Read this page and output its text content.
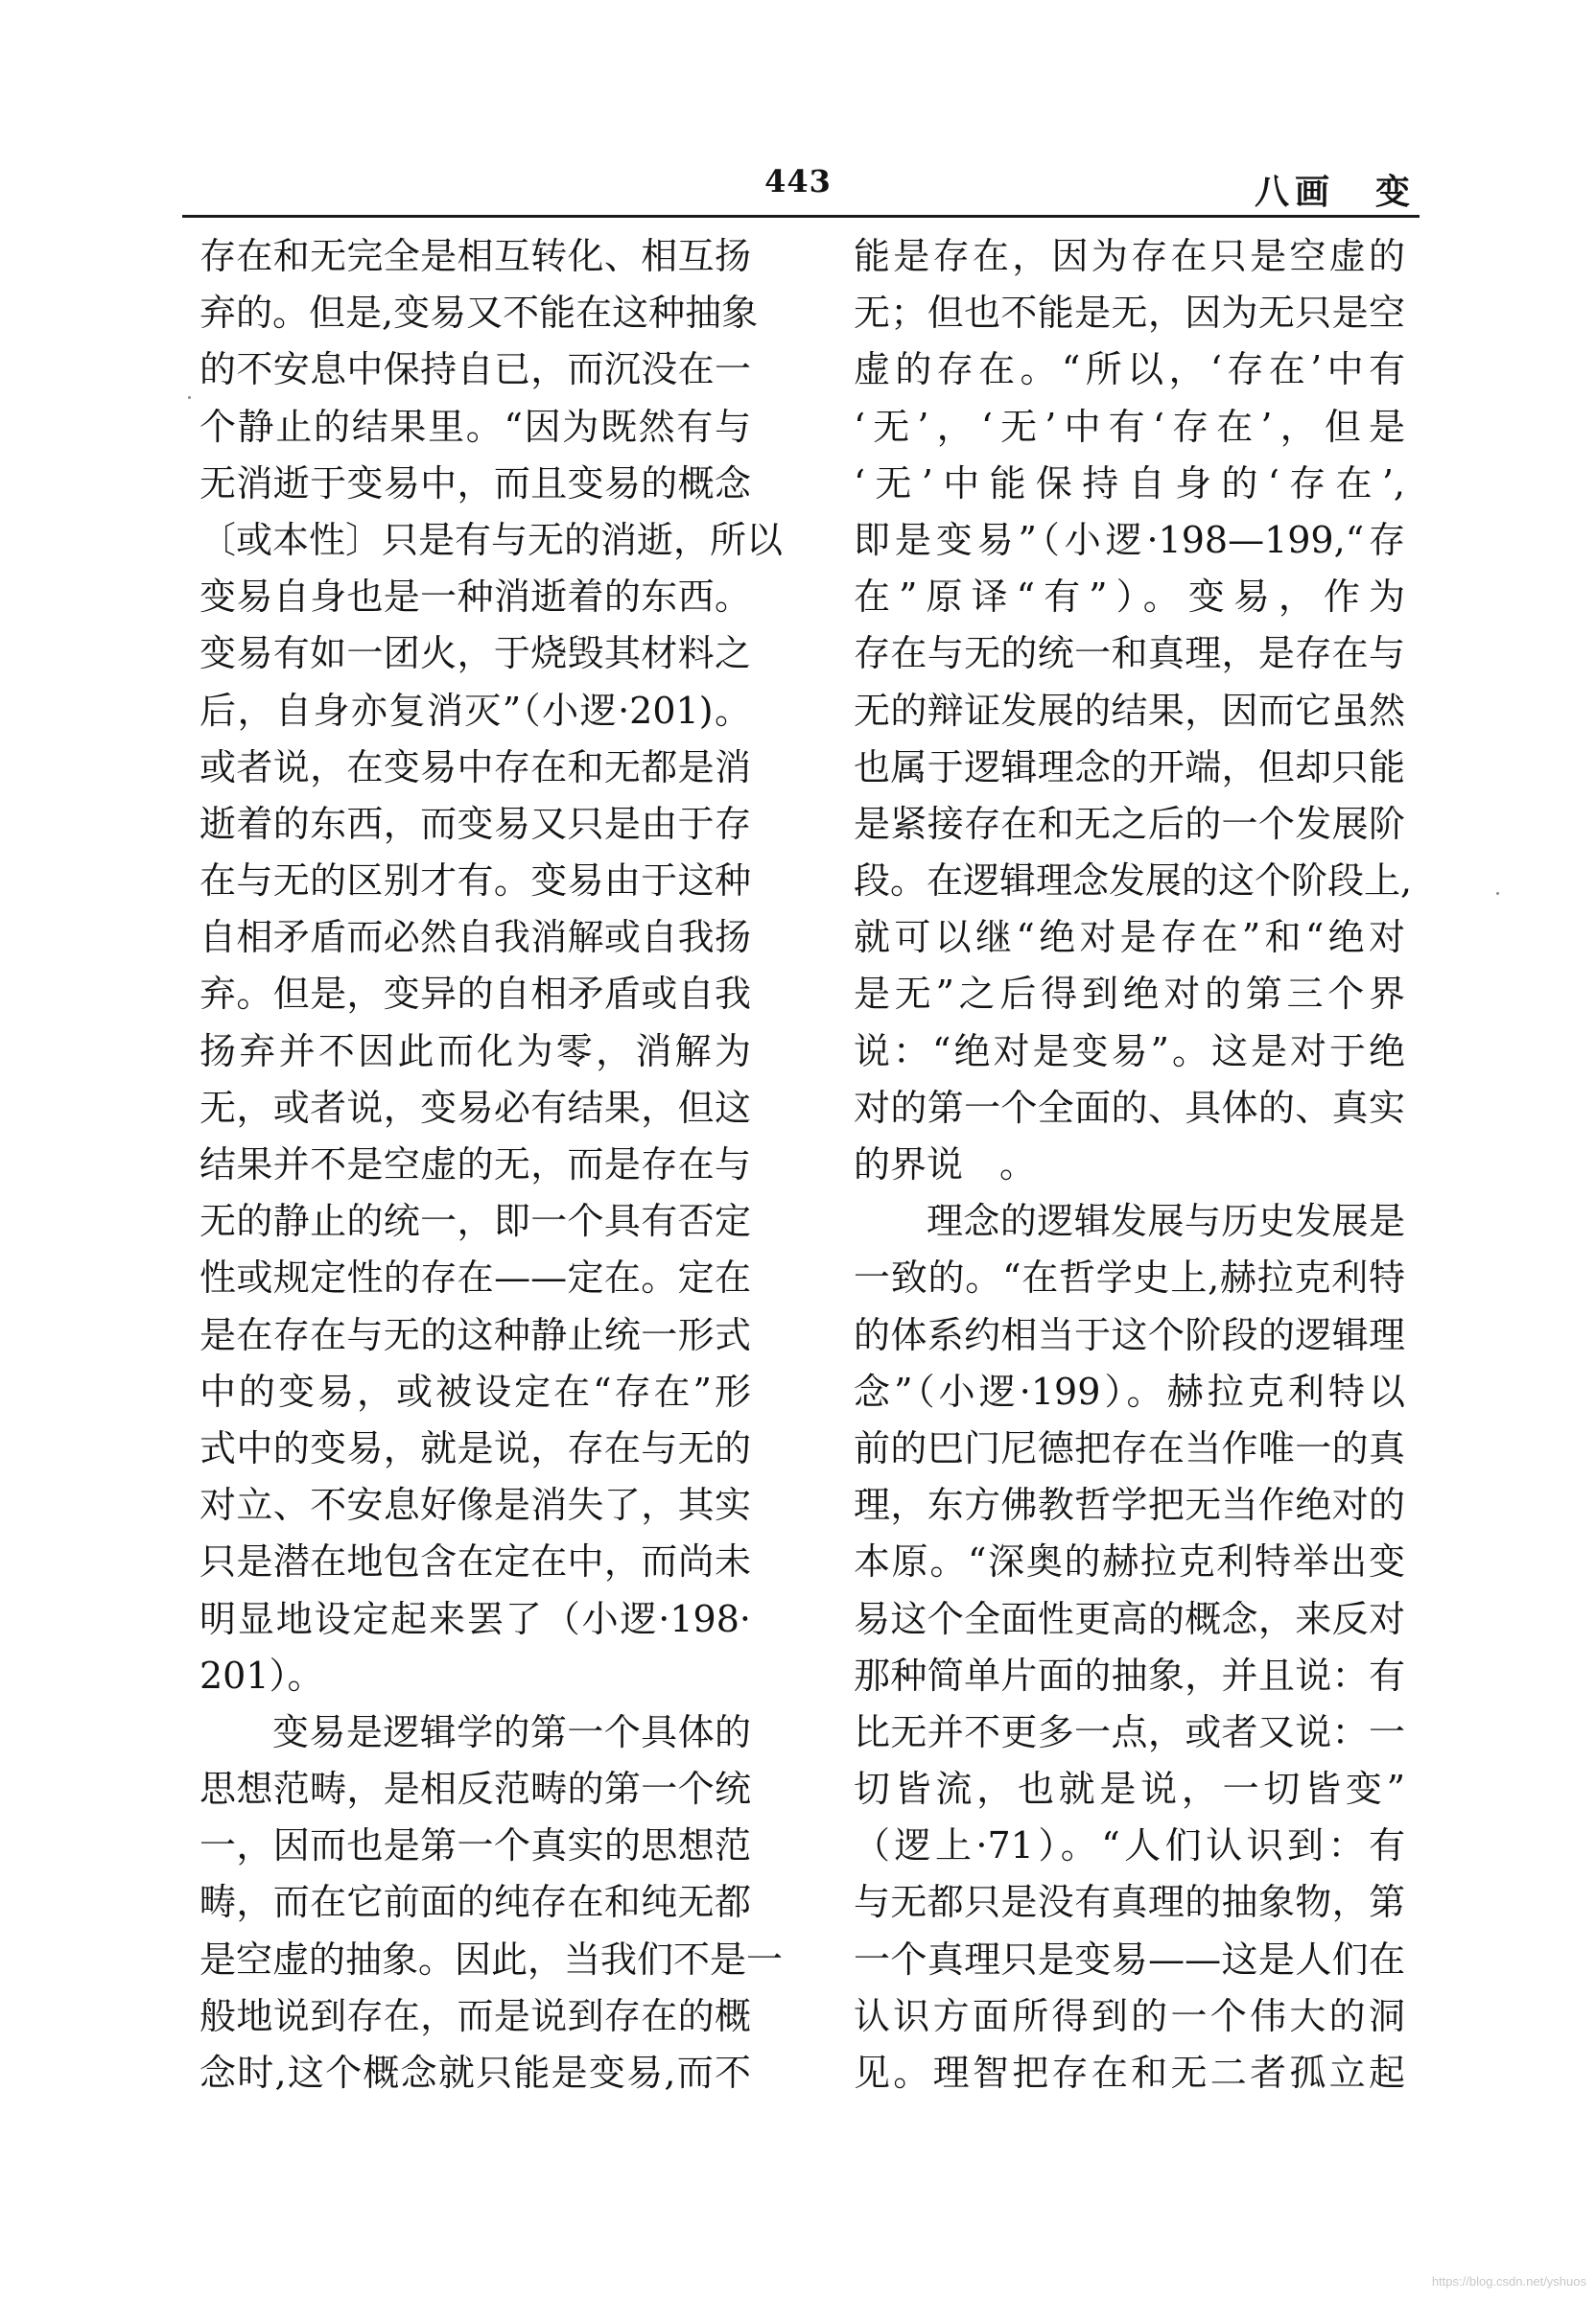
443	八画　变
存在和无完全是相互转化、相互扬
弃的。但是,变易又不能在这种抽象
的不安息中保持自已，而沉没在一
个静止的结果里。“因为既然有与
无消逝于变易中，而且变易的概念
〔或本性〕只是有与无的消逝，所以
变易自身也是一种消逝着的东西。
变易有如一团火，于烧毁其材料之
后，自身亦复消灭”（小逻·201)。
或者说，在变易中存在和无都是消
逝着的东西，而变易又只是由于存
在与无的区别才有。变易由于这种
自相矛盾而必然自我消解或自我扬
弃。但是，变异的自相矛盾或自我
扬弃并不因此而化为零，消解为
无，或者说，变易必有结果，但这
结果并不是空虚的无，而是存在与
无的静止的统一，即一个具有否定
性或规定性的存在——定在。定在
是在存在与无的这种静止统一形式
中的变易，或被设定在“存在”形
式中的变易，就是说，存在与无的
对立、不安息好像是消失了，其实
只是潜在地包含在定在中，而尚未
明显地设定起来罢了（小逻·198·
201）。
变易是逻辑学的第一个具体的
思想范畴，是相反范畴的第一个统
一，因而也是第一个真实的思想范
畴，而在它前面的纯存在和纯无都
是空虚的抽象。因此，当我们不是一
般地说到存在，而是说到存在的概
念时,这个概念就只能是变易,而不
能是存在，因为存在只是空虚的
无；但也不能是无，因为无只是空
虚的存在。“所以，‘存在’中有
‘无’，‘无’中有‘存在’，但是
‘无’中能保持自身的‘存在’,
即是变易”（小逻·198—199,“存
在”原译“有”）。变易，作为
存在与无的统一和真理，是存在与
无的辩证发展的结果，因而它虽然
也属于逻辑理念的开端，但却只能
是紧接存在和无之后的一个发展阶
段。在逻辑理念发展的这个阶段上,
就可以继“绝对是存在”和“绝对
是无”之后得到绝对的第三个界
说：“绝对是变易”。这是对于绝
对的第一个全面的、具体的、真实
的界说　。
理念的逻辑发展与历史发展是
一致的。“在哲学史上,赫拉克利特
的体系约相当于这个阶段的逻辑理
念”（小逻·199）。赫拉克利特以
前的巴门尼德把存在当作唯一的真
理，东方佛教哲学把无当作绝对的
本原。“深奥的赫拉克利特举出变
易这个全面性更高的概念，来反对
那种简单片面的抽象，并且说：有
比无并不更多一点，或者又说：一
切皆流，也就是说，一切皆变”
（逻上·71）。“人们认识到：有
与无都只是没有真理的抽象物，第
一个真理只是变易——这是人们在
认识方面所得到的一个伟大的洞
见。理智把存在和无二者孤立起
https://blog.csdn.net/yshuos
